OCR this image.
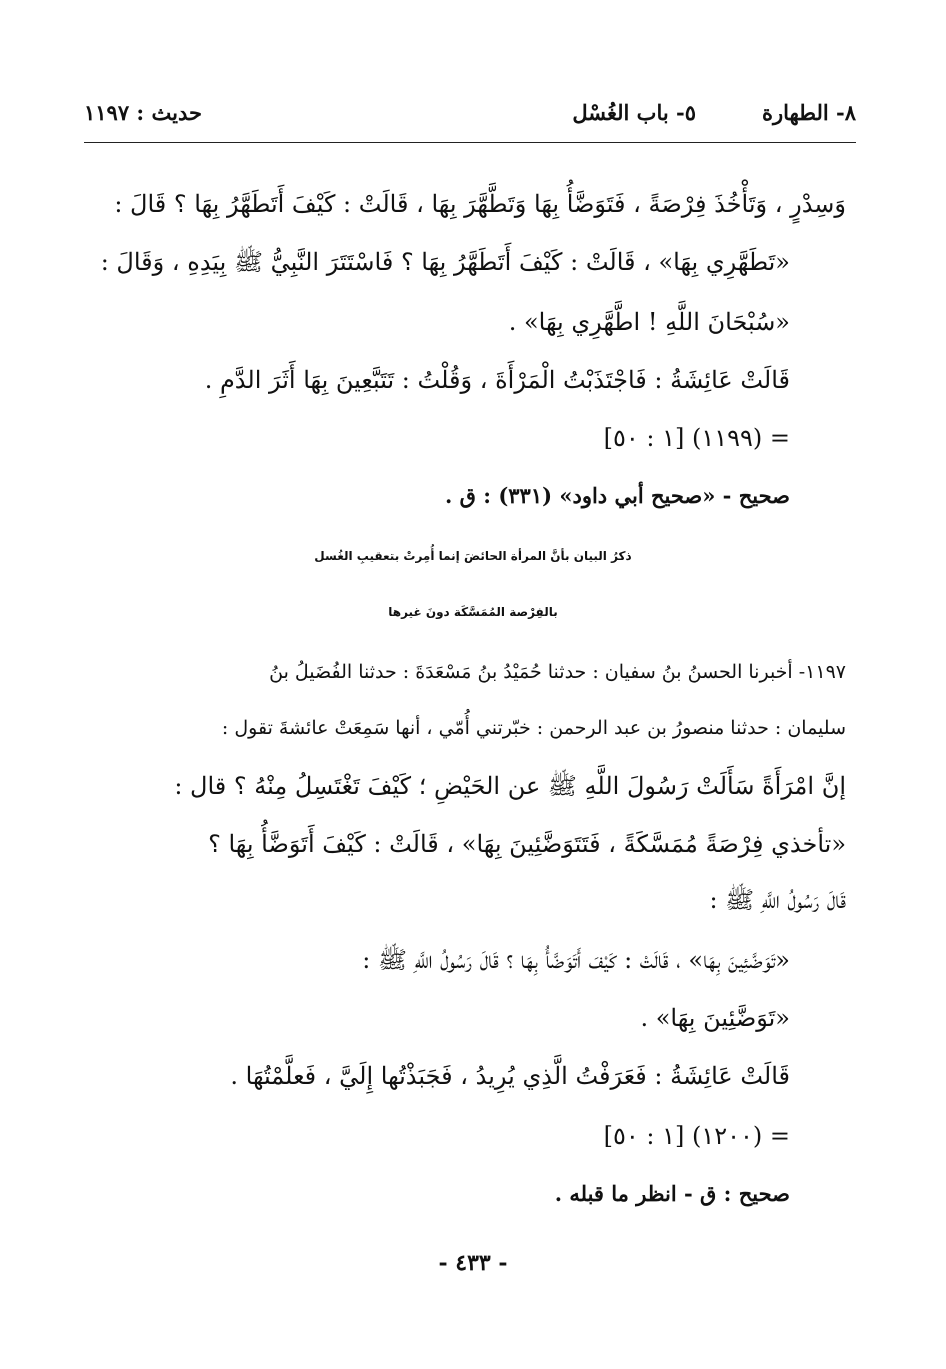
٨- الطهارة
٥- باب الغُسْل
حديث : ١١٩٧
وَسِدْرٍ ، وَتَأْخُذَ فِرْصَةً ، فَتَوَضَّأُ بِهَا وَتَطَّهَّرَ بِهَا ، قَالَتْ : كَيْفَ أَتَطَهَّرُ بِهَا ؟ قَالَ :
«تَطَهَّرِي بِهَا» ، قَالَتْ : كَيْفَ أَتَطَهَّرُ بِهَا ؟ فَاسْتَتَرَ النَّبِيُّ ﷺ بِيَدِهِ ، وَقَالَ :
«سُبْحَانَ اللَّهِ ! اطَّهَّرِي بِهَا» .
قَالَتْ عَائِشَةُ : فَاجْتَذَبْتُ الْمَرْأَةَ ، وَقُلْتُ : تَتَبَّعِينَ بِهَا أَثَرَ الدَّمِ .
= (١١٩٩) [١ : ٥٠]
صحيح - «صحيح أبي داود» (٣٣١) : ق .
ذكرُ البيان بأنَّ المرأة الحائضَ إنما أُمِرتْ بتعقيبِ الغُسل
بالفِرْصة المُمَسَّكَة دونَ غيرها
١١٩٧- أخبرنا الحسنُ بنُ سفيان : حدثنا حُمَيْدُ بنُ مَسْعَدَةَ : حدثنا الفُضَيلُ بنُ
سليمان : حدثنا منصورُ بن عبد الرحمن : خبّرتني أُمّي ، أنها سَمِعَتْ عائشةَ تقول :
إنَّ امْرَأَةً سَأَلَتْ رَسُولَ اللَّهِ ﷺ عن الحَيْضِ ؛ كَيْفَ تَغْتَسِلُ مِنْهُ ؟ قال :
«تأخذي فِرْصَةً مُمَسَّكَةً ، فَتَتَوَضَّئِينَ بِهَا» ، قَالَتْ : كَيْفَ أَتَوَضَّأُ بِهَا ؟
قَالَ رَسُولُ اللَّهِ ﷺ :
«تَوَضَّئِينَ بِهَا» ، قَالَتْ : كَيْفَ أَتَوَضَّأُ بِهَا ؟ قَالَ رَسُولُ اللَّهِ ﷺ :
«تَوَضَّئِينَ بِهَا» .
قَالَتْ عَائِشَةُ : فَعَرَفْتُ الَّذِي يُرِيدُ ، فَجَبَذْتُها إِلَيَّ ، فَعلَّمْتُهَا .
= (١٢٠٠) [١ : ٥٠]
صحيح : ق - انظر ما قبله .
- ٤٣٣ -
